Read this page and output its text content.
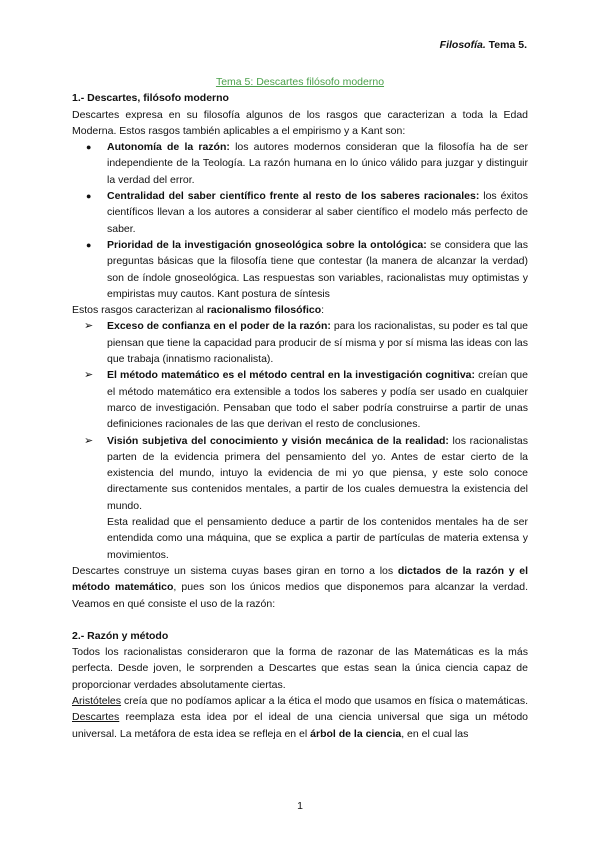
Filosofía. Tema 5.
Tema 5: Descartes filósofo moderno
1.- Descartes, filósofo moderno
Descartes expresa en su filosofía algunos de los rasgos que caracterizan a toda la Edad Moderna. Estos rasgos también aplicables a el empirismo y a Kant son:
● Autonomía de la razón: los autores modernos consideran que la filosofía ha de ser independiente de la Teología. La razón humana en lo único válido para juzgar y distinguir la verdad del error.
● Centralidad del saber científico frente al resto de los saberes racionales: los éxitos científicos llevan a los autores a considerar al saber científico el modelo más perfecto de saber.
● Prioridad de la investigación gnoseológica sobre la ontológica: se considera que las preguntas básicas que la filosofía tiene que contestar (la manera de alcanzar la verdad) son de índole gnoseológica. Las respuestas son variables, racionalistas muy optimistas y empiristas muy cautos. Kant postura de síntesis
Estos rasgos caracterizan al racionalismo filosófico:
➢ Exceso de confianza en el poder de la razón: para los racionalistas, su poder es tal que piensan que tiene la capacidad para producir de sí misma y por sí misma las ideas con las que trabaja (innatismo racionalista).
➢ El método matemático es el método central en la investigación cognitiva: creían que el método matemático era extensible a todos los saberes y podía ser usado en cualquier marco de investigación. Pensaban que todo el saber podría construirse a partir de unas definiciones racionales de las que derivan el resto de conclusiones.
➢ Visión subjetiva del conocimiento y visión mecánica de la realidad: los racionalistas parten de la evidencia primera del pensamiento del yo. Antes de estar cierto de la existencia del mundo, intuyo la evidencia de mi yo que piensa, y este solo conoce directamente sus contenidos mentales, a partir de los cuales demuestra la existencia del mundo.
Esta realidad que el pensamiento deduce a partir de los contenidos mentales ha de ser entendida como una máquina, que se explica a partir de partículas de materia extensa y movimientos.
Descartes construye un sistema cuyas bases giran en torno a los dictados de la razón y el método matemático, pues son los únicos medios que disponemos para alcanzar la verdad. Veamos en qué consiste el uso de la razón:
2.- Razón y método
Todos los racionalistas consideraron que la forma de razonar de las Matemáticas es la más perfecta. Desde joven, le sorprenden a Descartes que estas sean la única ciencia capaz de proporcionar verdades absolutamente ciertas.
Aristóteles creía que no podíamos aplicar a la ética el modo que usamos en física o matemáticas. Descartes reemplaza esta idea por el ideal de una ciencia universal que siga un método universal. La metáfora de esta idea se refleja en el árbol de la ciencia, en el cual las
1
